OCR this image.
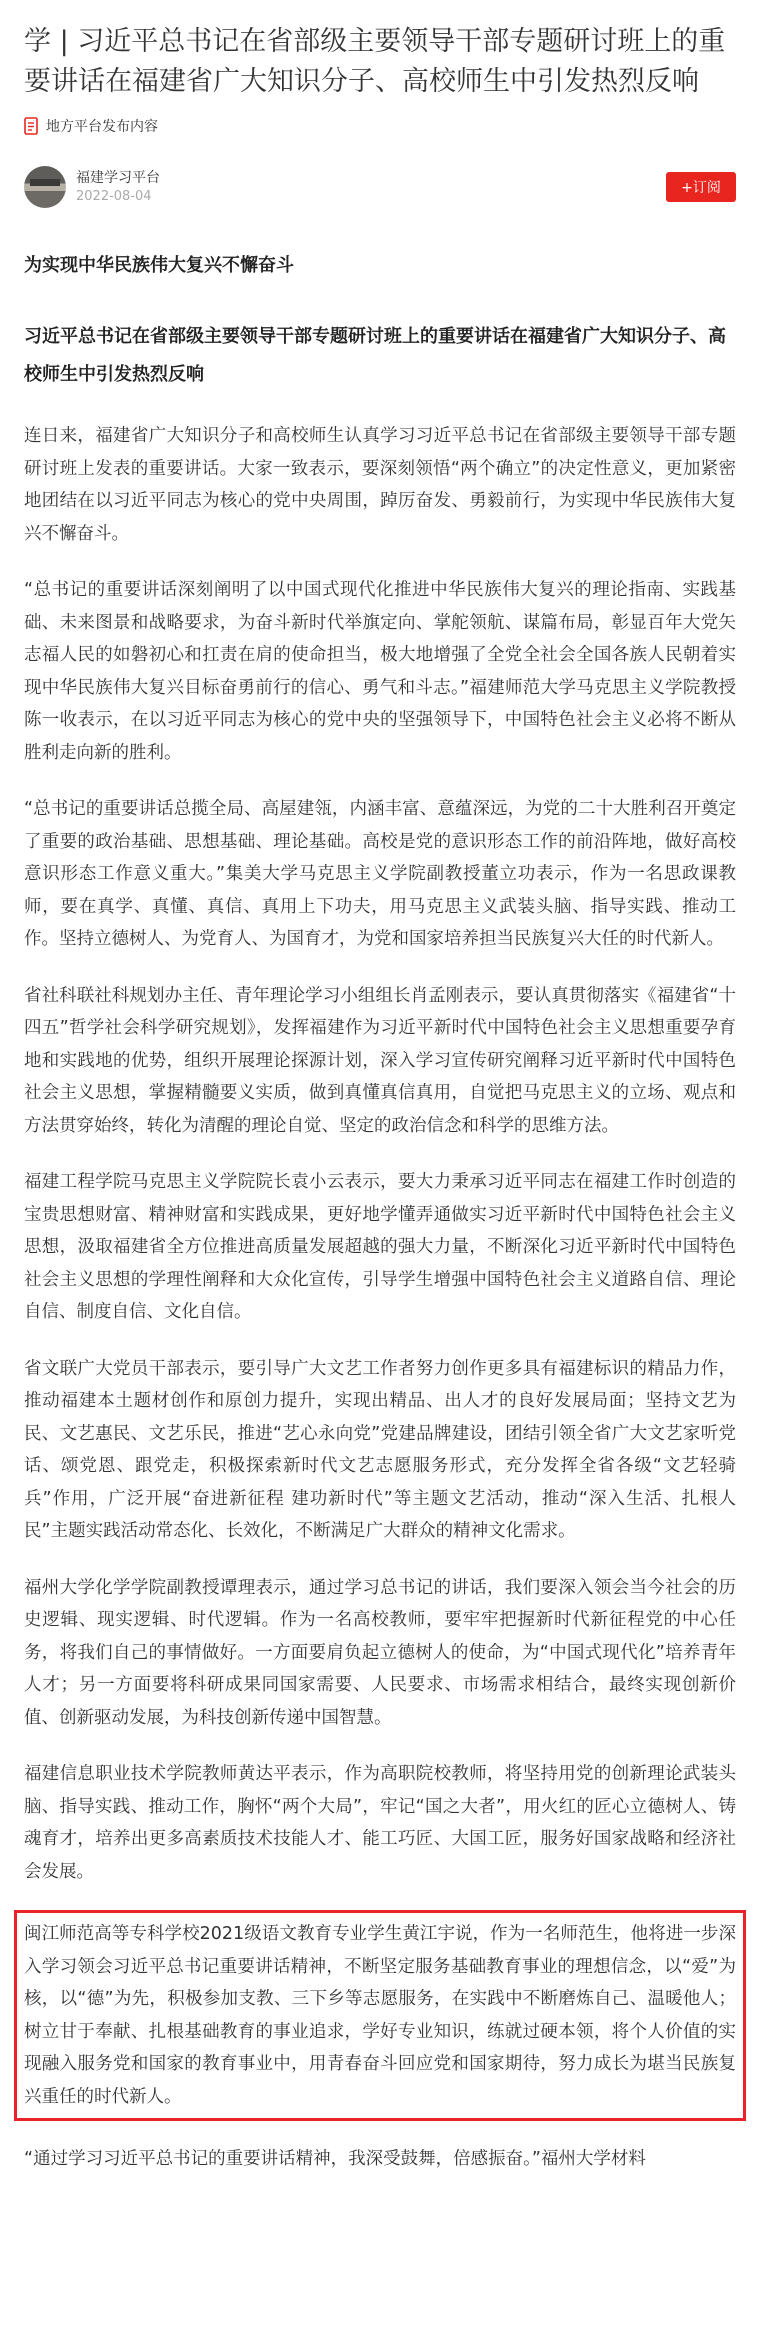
学 | 习近平总书记在省部级主要领导干部专题研讨班上的重要讲话在福建省广大知识分子、高校师生中引发热烈反响
地方平台发布内容
福建学习平台
2022-08-04
+订阅

为实现中华民族伟大复兴不懈奋斗

习近平总书记在省部级主要领导干部专题研讨班上的重要讲话在福建省广大知识分子、高校师生中引发热烈反响

连日来，福建省广大知识分子和高校师生认真学习习近平总书记在省部级主要领导干部专题研讨班上发表的重要讲话。大家一致表示，要深刻领悟“两个确立”的决定性意义，更加紧密地团结在以习近平同志为核心的党中央周围，踔厉奋发、勇毅前行，为实现中华民族伟大复兴不懈奋斗。

“总书记的重要讲话深刻阐明了以中国式现代化推进中华民族伟大复兴的理论指南、实践基础、未来图景和战略要求，为奋斗新时代举旗定向、掌舵领航、谋篇布局，彰显百年大党矢志福人民的如磐初心和扛责在肩的使命担当，极大地增强了全党全社会全国各族人民朝着实现中华民族伟大复兴目标奋勇前行的信心、勇气和斗志。”福建师范大学马克思主义学院教授陈一收表示，在以习近平同志为核心的党中央的坚强领导下，中国特色社会主义必将不断从胜利走向新的胜利。

“总书记的重要讲话总揽全局、高屋建瓴，内涵丰富、意蕴深远，为党的二十大胜利召开奠定了重要的政治基础、思想基础、理论基础。高校是党的意识形态工作的前沿阵地，做好高校意识形态工作意义重大。”集美大学马克思主义学院副教授董立功表示，作为一名思政课教师，要在真学、真懂、真信、真用上下功夫，用马克思主义武装头脑、指导实践、推动工作。坚持立德树人、为党育人、为国育才，为党和国家培养担当民族复兴大任的时代新人。

省社科联社科规划办主任、青年理论学习小组组长肖孟刚表示，要认真贯彻落实《福建省“十四五”哲学社会科学研究规划》，发挥福建作为习近平新时代中国特色社会主义思想重要孕育地和实践地的优势，组织开展理论探源计划，深入学习宣传研究阐释习近平新时代中国特色社会主义思想，掌握精髓要义实质，做到真懂真信真用，自觉把马克思主义的立场、观点和方法贯穿始终，转化为清醒的理论自觉、坚定的政治信念和科学的思维方法。

福建工程学院马克思主义学院院长袁小云表示，要大力秉承习近平同志在福建工作时创造的宝贵思想财富、精神财富和实践成果，更好地学懂弄通做实习近平新时代中国特色社会主义思想，汲取福建省全方位推进高质量发展超越的强大力量，不断深化习近平新时代中国特色社会主义思想的学理性阐释和大众化宣传，引导学生增强中国特色社会主义道路自信、理论自信、制度自信、文化自信。

省文联广大党员干部表示，要引导广大文艺工作者努力创作更多具有福建标识的精品力作，推动福建本土题材创作和原创力提升，实现出精品、出人才的良好发展局面；坚持文艺为民、文艺惠民、文艺乐民，推进“艺心永向党”党建品牌建设，团结引领全省广大文艺家听党话、颂党恩、跟党走，积极探索新时代文艺志愿服务形式，充分发挥全省各级“文艺轻骑兵”作用，广泛开展“奋进新征程 建功新时代”等主题文艺活动，推动“深入生活、扎根人民”主题实践活动常态化、长效化，不断满足广大群众的精神文化需求。

福州大学化学学院副教授谭理表示，通过学习总书记的讲话，我们要深入领会当今社会的历史逻辑、现实逻辑、时代逻辑。作为一名高校教师，要牢牢把握新时代新征程党的中心任务，将我们自己的事情做好。一方面要肩负起立德树人的使命，为“中国式现代化”培养青年人才；另一方面要将科研成果同国家需要、人民要求、市场需求相结合，最终实现创新价值、创新驱动发展，为科技创新传递中国智慧。

福建信息职业技术学院教师黄达平表示，作为高职院校教师，将坚持用党的创新理论武装头脑、指导实践、推动工作，胸怀“两个大局”，牢记“国之大者”，用火红的匠心立德树人、铸魂育才，培养出更多高素质技术技能人才、能工巧匠、大国工匠，服务好国家战略和经济社会发展。

闽江师范高等专科学校2021级语文教育专业学生黄江宇说，作为一名师范生，他将进一步深入学习领会习近平总书记重要讲话精神，不断坚定服务基础教育事业的理想信念，以“爱”为核，以“德”为先，积极参加支教、三下乡等志愿服务，在实践中不断磨炼自己、温暖他人；树立甘于奉献、扎根基础教育的事业追求，学好专业知识，练就过硬本领，将个人价值的实现融入服务党和国家的教育事业中，用青春奋斗回应党和国家期待，努力成长为堪当民族复兴重任的时代新人。

“通过学习习近平总书记的重要讲话精神，我深受鼓舞，倍感振奋。”福州大学材料
